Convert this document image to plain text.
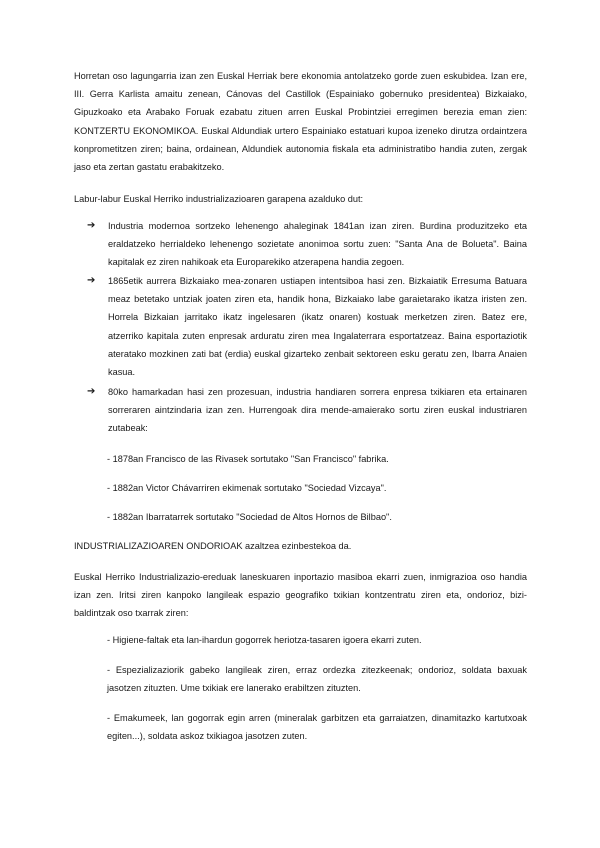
Horretan oso lagungarria izan zen Euskal Herriak bere ekonomia antolatzeko gorde zuen eskubidea. Izan ere, III. Gerra Karlista amaitu zenean, Cánovas del Castillok (Espainiako gobernuko presidentea) Bizkaiako, Gipuzkoako eta Arabako Foruak ezabatu zituen arren Euskal Probintziei erregimen berezia eman zien: KONTZERTU EKONOMIKOA. Euskal Aldundiak urtero Espainiako estatuari kupoa izeneko dirutza ordaintzera konprometitzen ziren; baina, ordainean, Aldundiek autonomia fiskala eta administratibo handia zuten, zergak jaso eta zertan gastatu erabakitzeko.

Labur-labur Euskal Herriko industrializazioaren garapena azalduko dut:

➔	Industria modernoa sortzeko lehenengo ahaleginak 1841an izan ziren. Burdina produzitzeko eta eraldatzeko herrialdeko lehenengo sozietate anonimoa sortu zuen: "Santa Ana de Bolueta". Baina kapitalak ez ziren nahikoak eta Europarekiko atzerapena handia zegoen.
➔	1865etik aurrera Bizkaiako mea-zonaren ustiapen intentsiboa hasi zen. Bizkaiatik Erresuma Batuara meaz betetako untziak joaten ziren eta, handik hona, Bizkaiako labe garaietarako ikatza iristen zen. Horrela Bizkaian jarritako ikatz ingelesaren (ikatz onaren) kostuak merketzen ziren. Batez ere, atzerriko kapitala zuten enpresak arduratu ziren mea Ingalaterrara esportatzeaz. Baina esportaziotik ateratako mozkinen zati bat (erdia) euskal gizarteko zenbait sektoreen esku geratu zen, Ibarra Anaien kasua.
➔	80ko hamarkadan hasi zen prozesuan, industria handiaren sorrera enpresa txikiaren eta ertainaren sorreraren aintzindaria izan zen. Hurrengoak dira mende-amaierako sortu ziren euskal industriaren zutabeak:

- 1878an Francisco de las Rivasek sortutako "San Francisco" fabrika.

- 1882an Victor Chávarriren ekimenak sortutako "Sociedad Vizcaya".

- 1882an Ibarratarrek sortutako "Sociedad de Altos Hornos de Bilbao".

INDUSTRIALIZAZIOAREN ONDORIOAK azaltzea ezinbestekoa da.

Euskal Herriko Industrializazio-ereduak laneskuaren inportazio masiboa ekarri zuen, inmigrazioa oso handia izan zen. Iritsi ziren kanpoko langileak espazio geografiko txikian kontzentratu ziren eta, ondorioz, bizi-baldintzak oso txarrak ziren:

- Higiene-faltak eta lan-ihardun gogorrek heriotza-tasaren igoera ekarri zuten.

- Espezializaziorik gabeko langileak ziren, erraz ordezka zitezkeenak; ondorioz, soldata baxuak jasotzen zituzten. Ume txikiak ere lanerako erabiltzen zituzten.

- Emakumeek, lan gogorrak egin arren (mineralak garbitzen eta garraiatzen, dinamitazko kartutxoak egiten...), soldata askoz txikiagoa jasotzen zuten.
